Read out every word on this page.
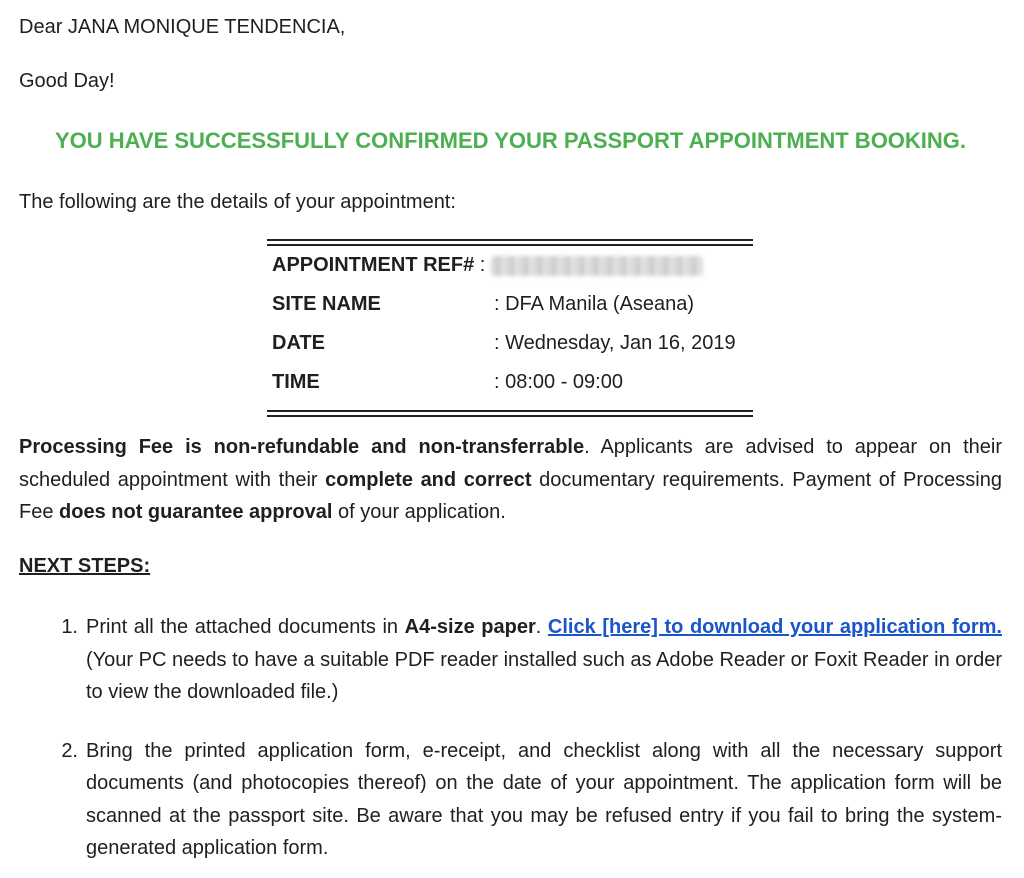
Dear JANA MONIQUE TENDENCIA,
Good Day!
YOU HAVE SUCCESSFULLY CONFIRMED YOUR PASSPORT APPOINTMENT BOOKING.
The following are the details of your appointment:
APPOINTMENT REF# :
SITE NAME	: DFA Manila (Aseana)
DATE	: Wednesday, Jan 16, 2019
TIME	: 08:00 - 09:00
Processing Fee is non-refundable and non-transferrable. Applicants are advised to appear on their scheduled appointment with their complete and correct documentary requirements. Payment of Processing Fee does not guarantee approval of your application.
NEXT STEPS:
1. Print all the attached documents in A4-size paper. Click [here] to download your application form. (Your PC needs to have a suitable PDF reader installed such as Adobe Reader or Foxit Reader in order to view the downloaded file.)
2. Bring the printed application form, e-receipt, and checklist along with all the necessary support documents (and photocopies thereof) on the date of your appointment. The application form will be scanned at the passport site. Be aware that you may be refused entry if you fail to bring the system-generated application form.
